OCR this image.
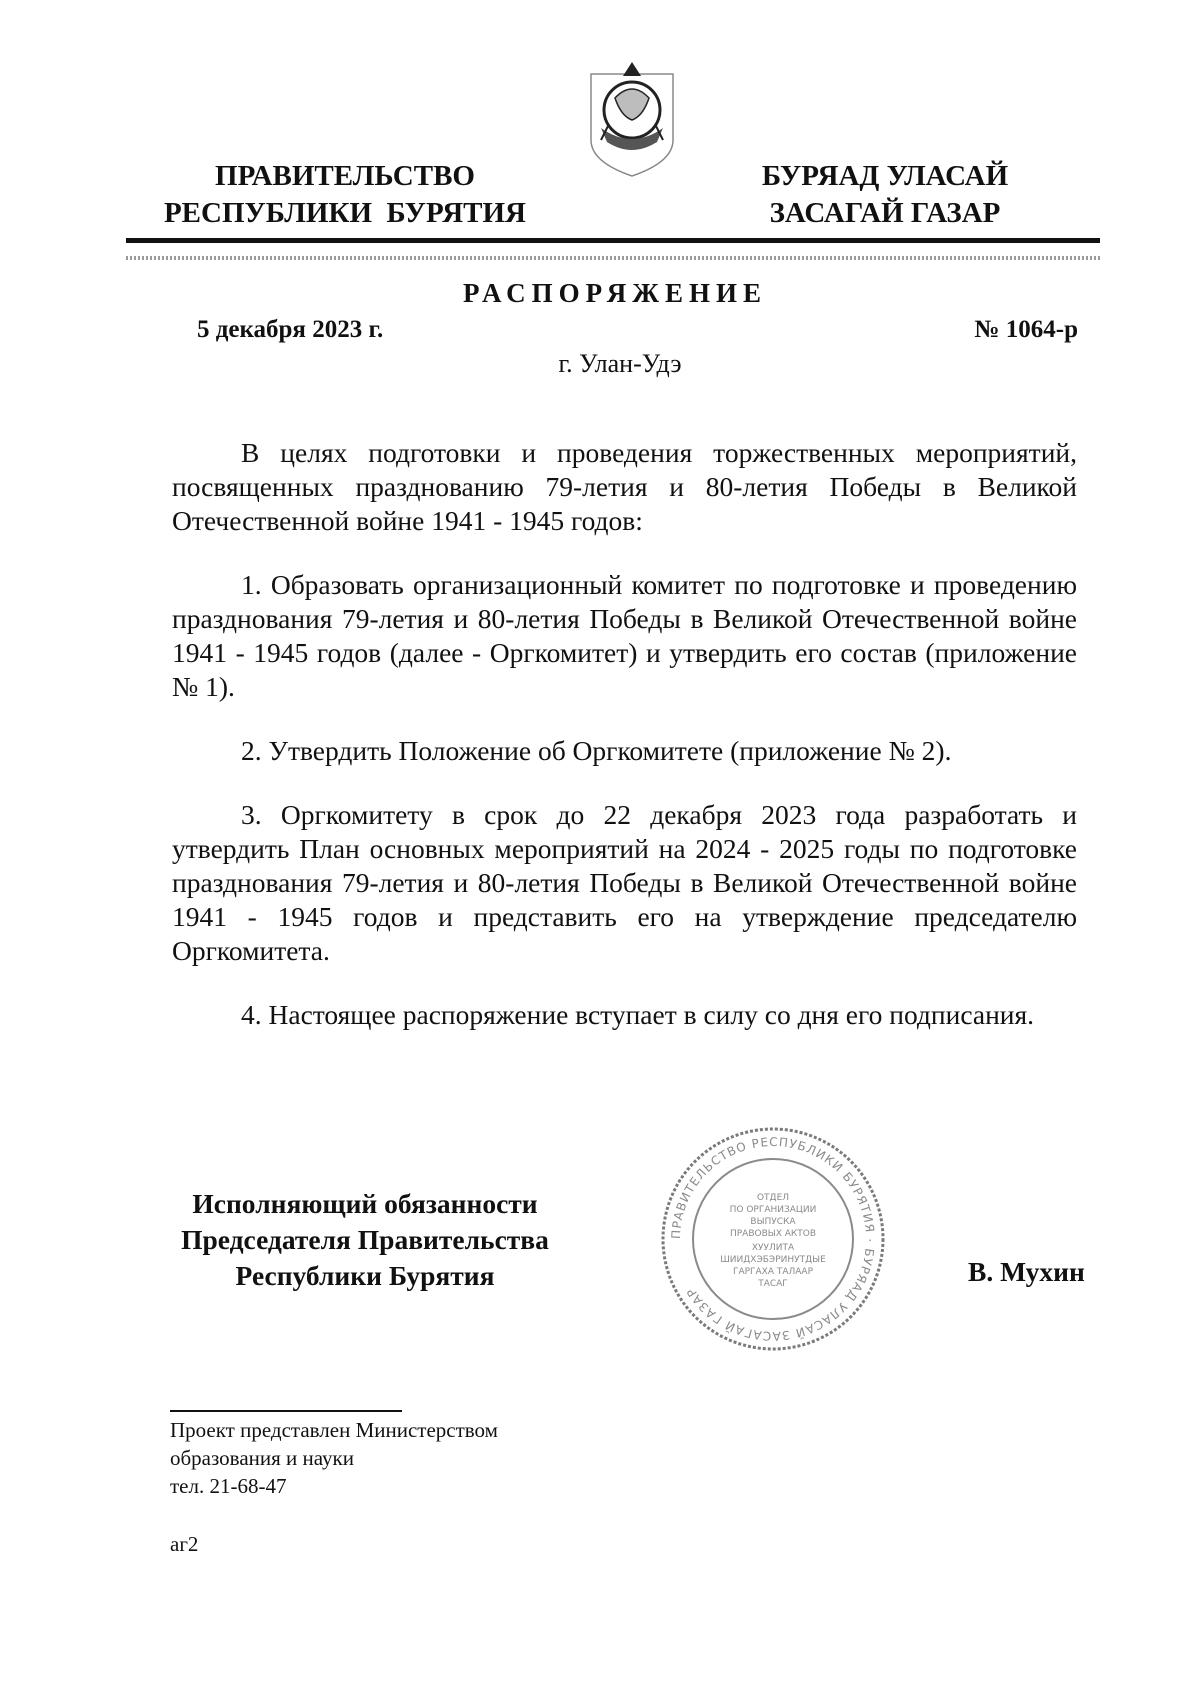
ПРАВИТЕЛЬСТВО
РЕСПУБЛИКИ  БУРЯТИЯ
БУРЯАД УЛАСАЙ
ЗАСАГАЙ ГАЗАР
РАСПОРЯЖЕНИЕ
5 декабря 2023 г.	№ 1064-р
г. Улан-Удэ

В целях подготовки и проведения торжественных мероприятий, посвященных празднованию 79-летия и 80-летия Победы в Великой Отечественной войне 1941 - 1945 годов:

1. Образовать организационный комитет по подготовке и проведению празднования 79-летия и 80-летия Победы в Великой Отечественной войне 1941 - 1945 годов (далее - Оргкомитет) и утвердить его состав (приложение № 1).

2. Утвердить Положение об Оргкомитете (приложение № 2).

3. Оргкомитету в срок до 22 декабря 2023 года разработать и утвердить План основных мероприятий на 2024 - 2025 годы по подготовке празднования 79-летия и 80-летия Победы в Великой Отечественной войне 1941 - 1945 годов и представить его на утверждение председателю Оргкомитета.

4. Настоящее распоряжение вступает в силу со дня его подписания.

Исполняющий обязанности
Председателя Правительства
Республики Бурятия
ПРАВИТЕЛЬСТВО РЕСПУБЛИКИ БУРЯТИЯ · БУРЯАД УЛАСАЙ ЗАСАГАЙ ГАЗАР
ОТДЕЛ
ПО ОРГАНИЗАЦИИ
ВЫПУСКА
ПРАВОВЫХ АКТОВ
ХУУЛИТА
ШИИДХЭБЭРИНУТДЫЕ
ГАРГАХА ТАЛААР
ТАСАГ	В. Мухин
Проект представлен Министерством
образования и науки
тел. 21-68-47
аг2
